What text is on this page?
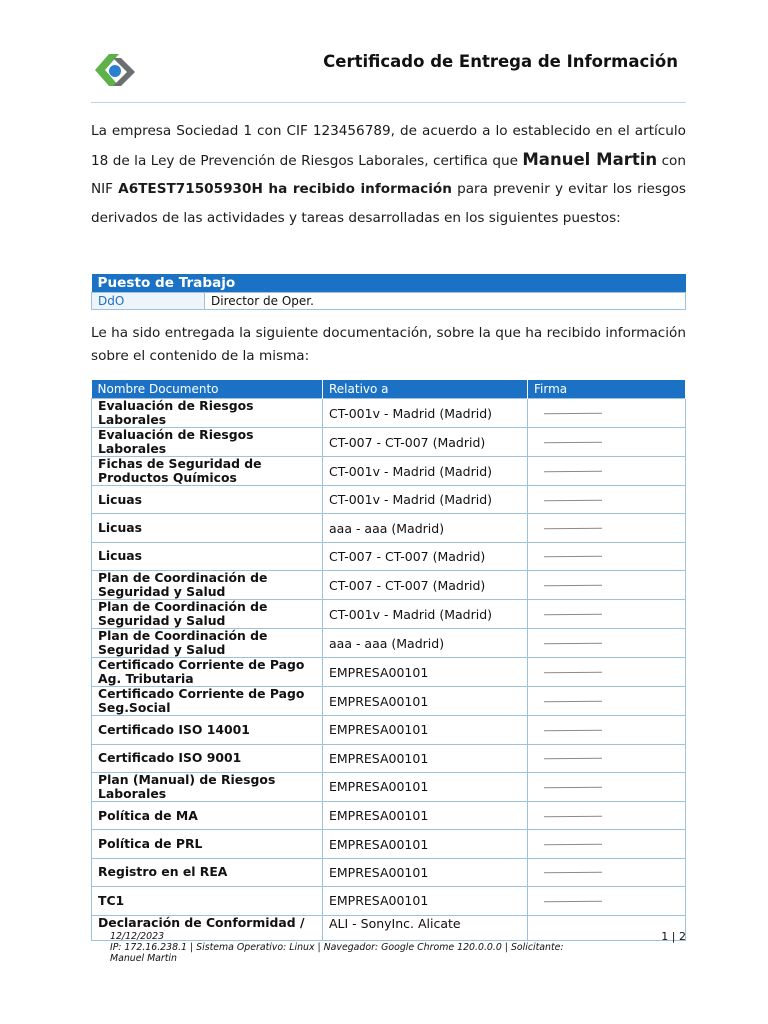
Certificado de Entrega de Información
La empresa Sociedad 1 con CIF 123456789, de acuerdo a lo establecido en el artículo 18 de la Ley de Prevención de Riesgos Laborales, certifica que Manuel Martin con NIF A6TEST71505930H ha recibido información para prevenir y evitar los riesgos derivados de las actividades y tareas desarrolladas en los siguientes puestos:
Puesto de Trabajo
DdO	Director de Oper.
Le ha sido entregada la siguiente documentación, sobre la que ha recibido información sobre el contenido de la misma:
Nombre Documento	Relativo a	Firma
Evaluación de Riesgos Laborales	CT-001v - Madrid (Madrid)	

Evaluación de Riesgos Laborales	CT-007 - CT-007 (Madrid)	

Fichas de Seguridad de Productos Químicos	CT-001v - Madrid (Madrid)	

Licuas	CT-001v - Madrid (Madrid)	

Licuas	aaa - aaa (Madrid)	

Licuas	CT-007 - CT-007 (Madrid)	

Plan de Coordinación de Seguridad y Salud	CT-007 - CT-007 (Madrid)	

Plan de Coordinación de Seguridad y Salud	CT-001v - Madrid (Madrid)	

Plan de Coordinación de Seguridad y Salud	aaa - aaa (Madrid)	

Certificado Corriente de Pago Ag. Tributaria	EMPRESA00101	

Certificado Corriente de Pago Seg.Social	EMPRESA00101	

Certificado ISO 14001	EMPRESA00101	

Certificado ISO 9001	EMPRESA00101	

Plan (Manual) de Riesgos Laborales	EMPRESA00101	

Política de MA	EMPRESA00101	

Política de PRL	EMPRESA00101	

Registro en el REA	EMPRESA00101	

TC1	EMPRESA00101	

Declaración de Conformidad /	ALI - SonyInc. Alicate	
12/12/2023
IP: 172.16.238.1 | Sistema Operativo: Linux | Navegador: Google Chrome 120.0.0.0 | Solicitante:
Manuel Martin
1 | 2
